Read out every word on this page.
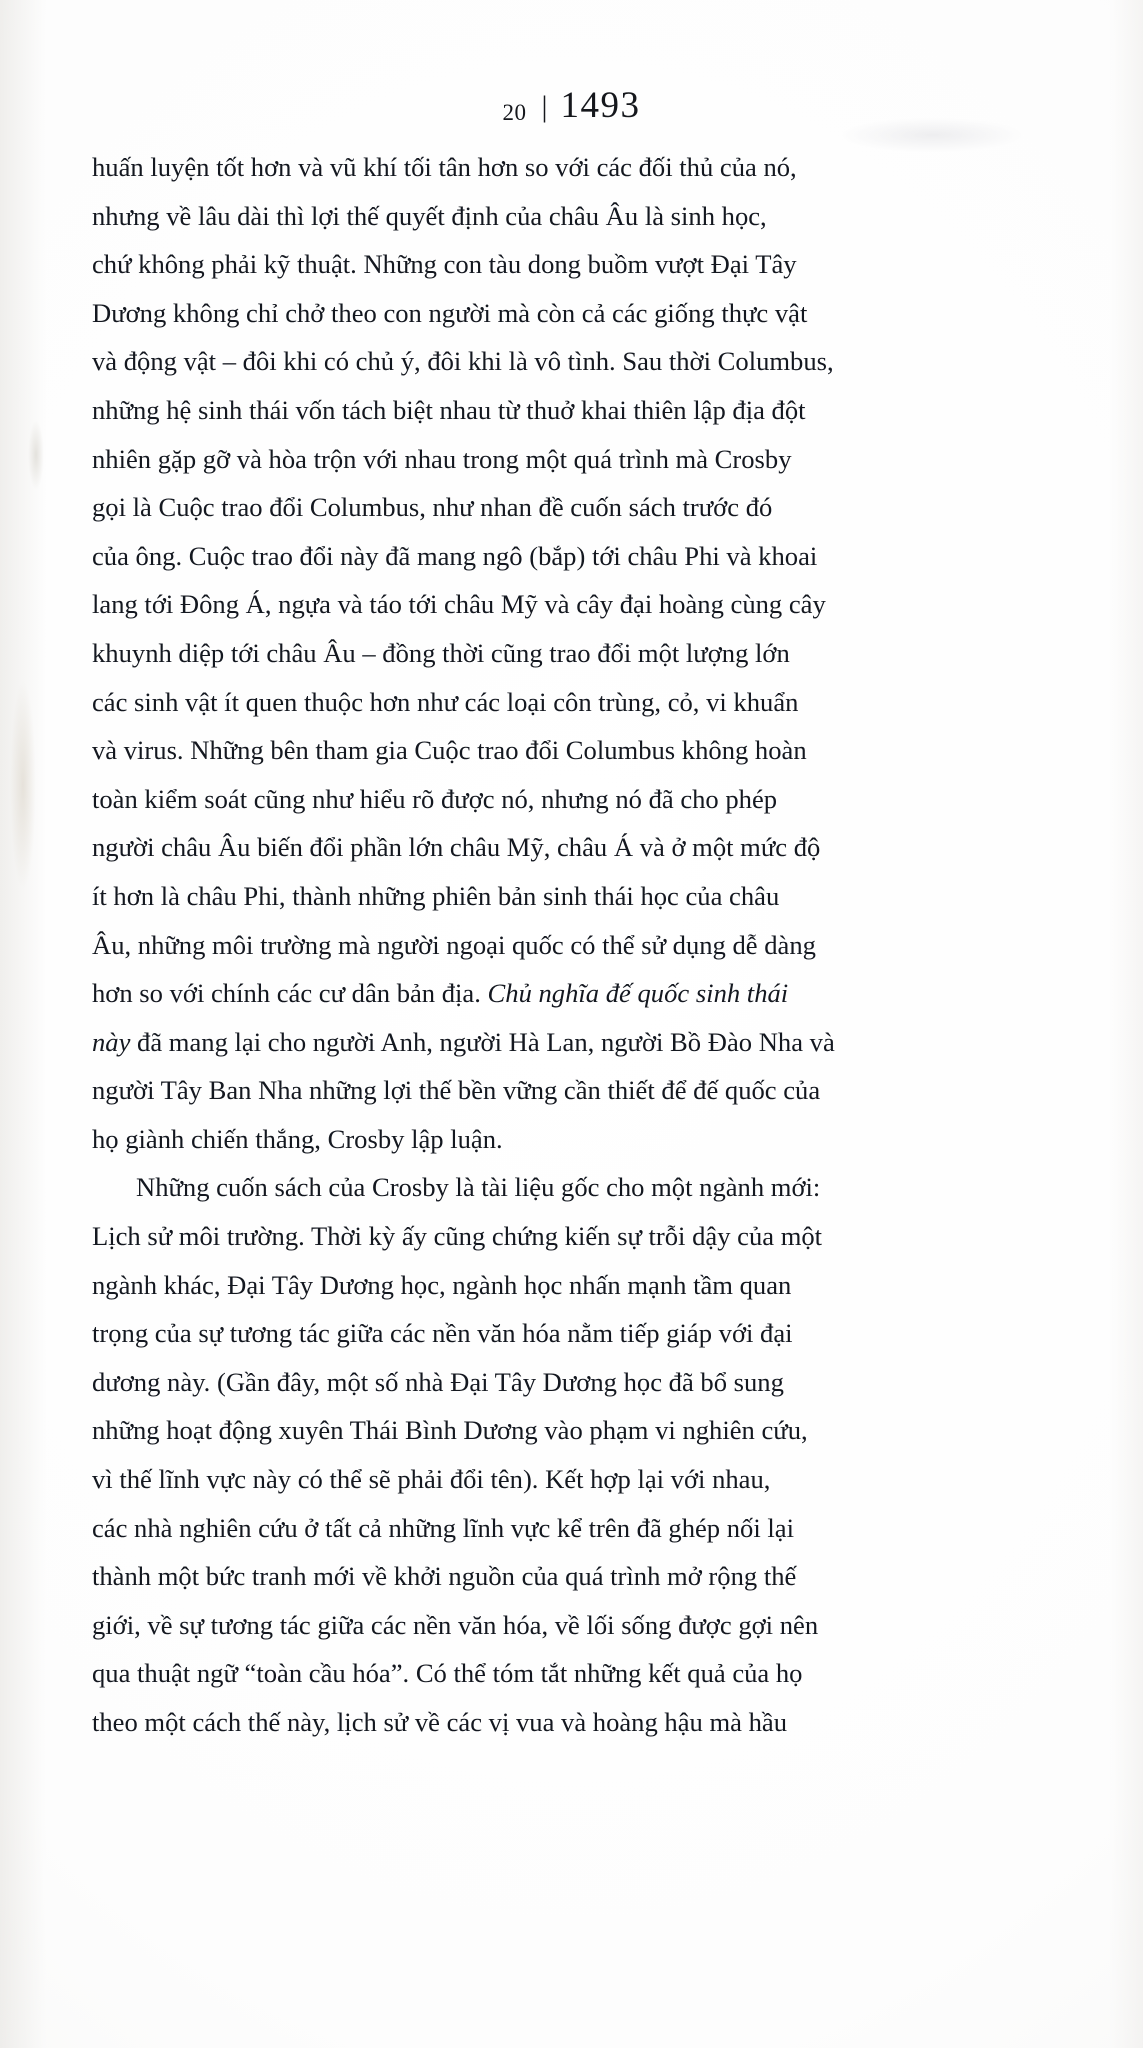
20 | 1493

huấn luyện tốt hơn và vũ khí tối tân hơn so với các đối thủ của nó,
nhưng về lâu dài thì lợi thế quyết định của châu Âu là sinh học,
chứ không phải kỹ thuật. Những con tàu dong buồm vượt Đại Tây
Dương không chỉ chở theo con người mà còn cả các giống thực vật
và động vật – đôi khi có chủ ý, đôi khi là vô tình. Sau thời Columbus,
những hệ sinh thái vốn tách biệt nhau từ thuở khai thiên lập địa đột
nhiên gặp gỡ và hòa trộn với nhau trong một quá trình mà Crosby
gọi là Cuộc trao đổi Columbus, như nhan đề cuốn sách trước đó
của ông. Cuộc trao đổi này đã mang ngô (bắp) tới châu Phi và khoai
lang tới Đông Á, ngựa và táo tới châu Mỹ và cây đại hoàng cùng cây
khuynh diệp tới châu Âu – đồng thời cũng trao đổi một lượng lớn
các sinh vật ít quen thuộc hơn như các loại côn trùng, cỏ, vi khuẩn
và virus. Những bên tham gia Cuộc trao đổi Columbus không hoàn
toàn kiểm soát cũng như hiểu rõ được nó, nhưng nó đã cho phép
người châu Âu biến đổi phần lớn châu Mỹ, châu Á và ở một mức độ
ít hơn là châu Phi, thành những phiên bản sinh thái học của châu
Âu, những môi trường mà người ngoại quốc có thể sử dụng dễ dàng
hơn so với chính các cư dân bản địa. Chủ nghĩa đế quốc sinh thái
này đã mang lại cho người Anh, người Hà Lan, người Bồ Đào Nha và
người Tây Ban Nha những lợi thế bền vững cần thiết để đế quốc của
họ giành chiến thắng, Crosby lập luận.

Những cuốn sách của Crosby là tài liệu gốc cho một ngành mới:
Lịch sử môi trường. Thời kỳ ấy cũng chứng kiến sự trỗi dậy của một
ngành khác, Đại Tây Dương học, ngành học nhấn mạnh tầm quan
trọng của sự tương tác giữa các nền văn hóa nằm tiếp giáp với đại
dương này. (Gần đây, một số nhà Đại Tây Dương học đã bổ sung
những hoạt động xuyên Thái Bình Dương vào phạm vi nghiên cứu,
vì thế lĩnh vực này có thể sẽ phải đổi tên). Kết hợp lại với nhau,
các nhà nghiên cứu ở tất cả những lĩnh vực kể trên đã ghép nối lại
thành một bức tranh mới về khởi nguồn của quá trình mở rộng thế
giới, về sự tương tác giữa các nền văn hóa, về lối sống được gợi nên
qua thuật ngữ “toàn cầu hóa”. Có thể tóm tắt những kết quả của họ
theo một cách thế này, lịch sử về các vị vua và hoàng hậu mà hầu
